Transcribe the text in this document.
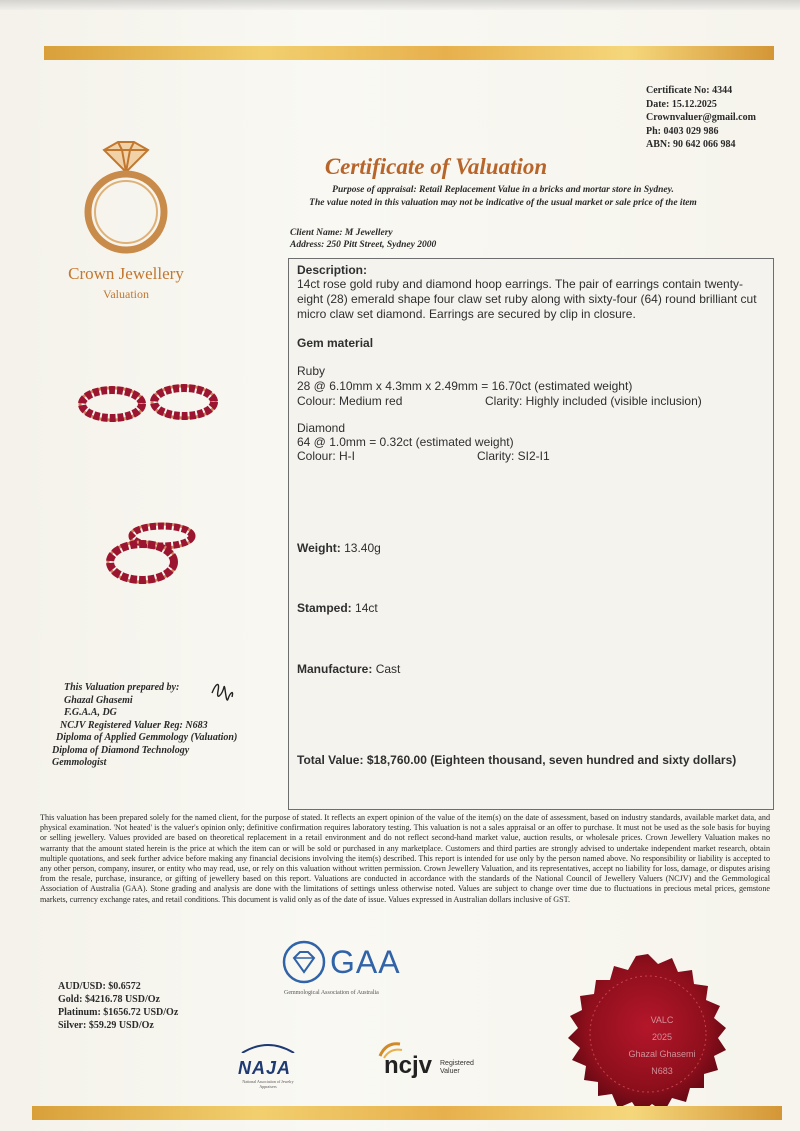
Certificate No: 4344
Date: 15.12.2025
Crownvaluer@gmail.com
Ph: 0403 029 986
ABN: 90 642 066 984
Crown Jewellery
Valuation
Certificate of Valuation
Purpose of appraisal: Retail Replacement Value in a bricks and mortar store in Sydney.
The value noted in this valuation may not be indicative of the usual market or sale price of the item
Client Name: M Jewellery
Address: 250 Pitt Street, Sydney 2000
Description:
14ct rose gold ruby and diamond hoop earrings. The pair of earrings contain twenty-eight (28) emerald shape four claw set ruby along with sixty-four (64) round brilliant cut micro claw set diamond. Earrings are secured by clip in closure.
Gem material
Ruby
28 @ 6.10mm x 4.3mm x 2.49mm = 16.70ct (estimated weight)
Colour: Medium red	Clarity: Highly included (visible inclusion)
Diamond
64 @ 1.0mm = 0.32ct (estimated weight)
Colour: H-I	Clarity: SI2-I1
Weight: 13.40g
Stamped: 14ct
Manufacture: Cast
Total Value: $18,760.00 (Eighteen thousand, seven hundred and sixty dollars)
This Valuation prepared by:
Ghazal Ghasemi
F.G.A.A, DG
NCJV Registered Valuer Reg: N683
Diploma of Applied Gemmology (Valuation)
Diploma of Diamond Technology
Gemmologist
This valuation has been prepared solely for the named client, for the purpose of stated. It reflects an expert opinion of the value of the item(s) on the date of assessment, based on industry standards, available market data, and physical examination. 'Not heated' is the valuer's opinion only; definitive confirmation requires laboratory testing. This valuation is not a sales appraisal or an offer to purchase. It must not be used as the sole basis for buying or selling jewellery. Values provided are based on theoretical replacement in a retail environment and do not reflect second-hand market value, auction results, or wholesale prices. Crown Jewellery Valuation makes no warranty that the amount stated herein is the price at which the item can or will be sold or purchased in any marketplace. Customers and third parties are strongly advised to undertake independent market research, obtain multiple quotations, and seek further advice before making any financial decisions involving the item(s) described. This report is intended for use only by the person named above. No responsibility or liability is accepted to any other person, company, insurer, or entity who may read, use, or rely on this valuation without written permission. Crown Jewellery Valuation, and its representatives, accept no liability for loss, damage, or disputes arising from the resale, purchase, insurance, or gifting of jewellery based on this report. Valuations are conducted in accordance with the standards of the National Council of Jewellery Valuers (NCJV) and the Gemmological Association of Australia (GAA). Stone grading and analysis are done with the limitations of settings unless otherwise noted. Values are subject to change over time due to fluctuations in precious metal prices, gemstone markets, currency exchange rates, and retail conditions. This document is valid only as of the date of issue. Values expressed in Australian dollars inclusive of GST.
AUD/USD: $0.6572
Gold: $4216.78 USD/Oz
Platinum: $1656.72 USD/Oz
Silver: $59.29 USD/Oz
GAA
Gemmological Association of Australia
NAJA
National Association of Jewelry Appraisers
ncjv Registered
Valuer
VALC
2025
Ghazal Ghasemi
N683
